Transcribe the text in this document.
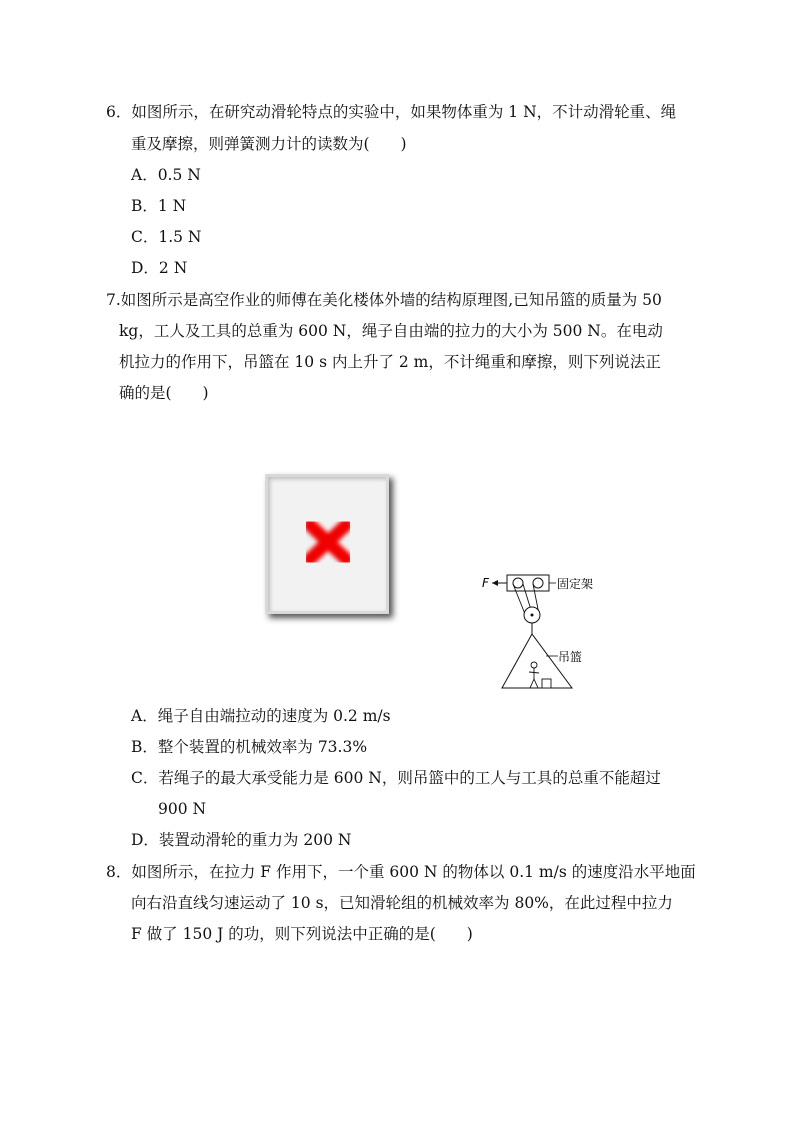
6．如图所示，在研究动滑轮特点的实验中，如果物体重为 1 N，不计动滑轮重、绳
重及摩擦，则弹簧测力计的读数为(　　)
A．0.5 N
B．1 N
C．1.5 N
D．2 N
7.如图所示是高空作业的师傅在美化楼体外墙的结构原理图,已知吊篮的质量为 50
kg，工人及工具的总重为 600 N，绳子自由端的拉力的大小为 500 N。在电动
机拉力的作用下，吊篮在 10 s 内上升了 2 m，不计绳重和摩擦，则下列说法正
确的是(　　)
F	固定架
吊篮
A．绳子自由端拉动的速度为 0.2 m/s
B．整个装置的机械效率为 73.3%
C．若绳子的最大承受能力是 600 N，则吊篮中的工人与工具的总重不能超过
900 N
D．装置动滑轮的重力为 200 N
8．如图所示，在拉力 F 作用下，一个重 600 N 的物体以 0.1 m/s 的速度沿水平地面
向右沿直线匀速运动了 10 s，已知滑轮组的机械效率为 80%，在此过程中拉力
F 做了 150 J 的功，则下列说法中正确的是(　　)
